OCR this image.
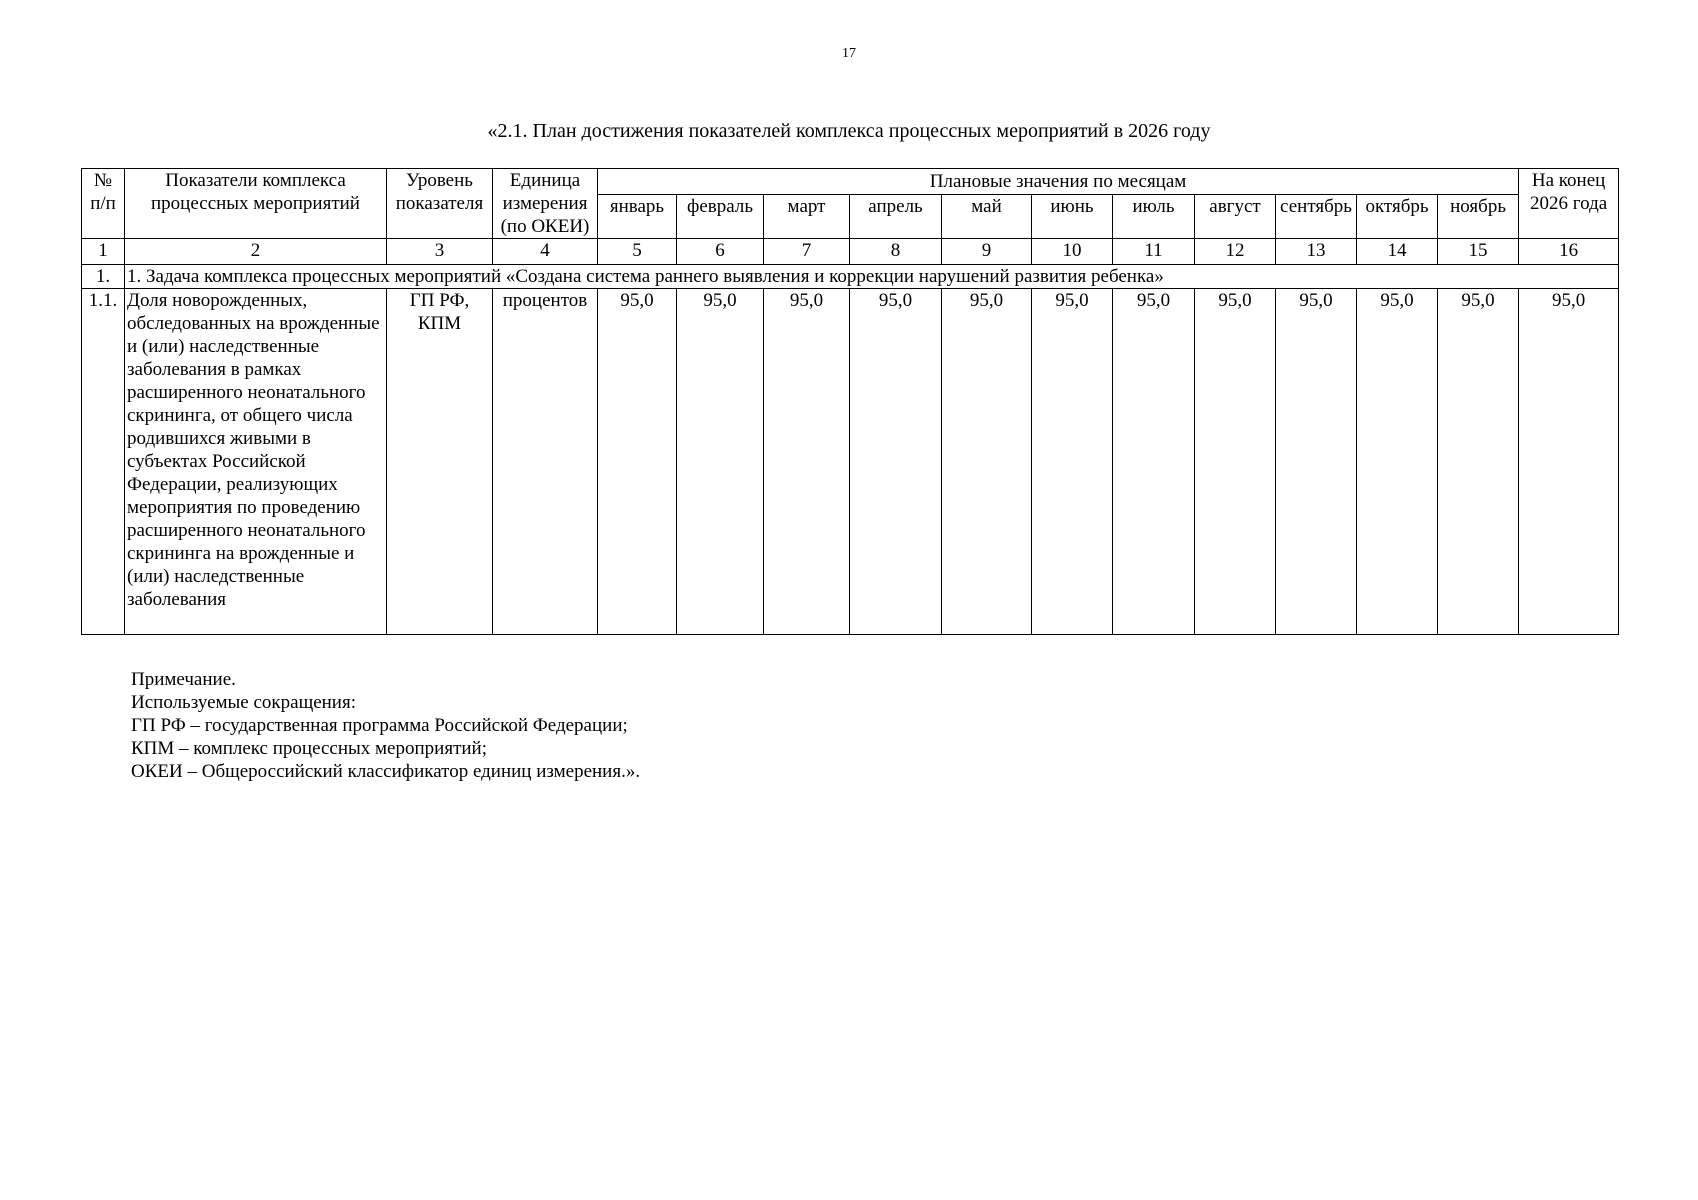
17
«2.1. План достижения показателей комплекса процессных мероприятий в 2026 году
№ п/п	Показатели комплекса процессных мероприятий	Уровень показателя	Единица измерения (по ОКЕИ)	Плановые значения по месяцам											На конец 2026 года
				январь	февраль	март	апрель	май	июнь	июль	август	сентябрь	октябрь	ноябрь	
1	2	3	4	5	6	7	8	9	10	11	12	13	14	15	16
1.	1. Задача комплекса процессных мероприятий «Создана система раннего выявления и коррекции нарушений развития ребенка»														
1.1.	Доля новорожденных, обследованных на врожденные и (или) наследственные заболевания в рамках расширенного неонатального скрининга, от общего числа родившихся живыми в субъектах Российской Федерации, реализующих мероприятия по проведению расширенного неонатального скрининга на врожденные и (или) наследственные заболевания	ГП РФ, КПМ	процентов	95,0	95,0	95,0	95,0	95,0	95,0	95,0	95,0	95,0	95,0	95,0	95,0
Примечание.
Используемые сокращения:
ГП РФ – государственная программа Российской Федерации;
КПМ – комплекс процессных мероприятий;
ОКЕИ – Общероссийский классификатор единиц измерения.».
